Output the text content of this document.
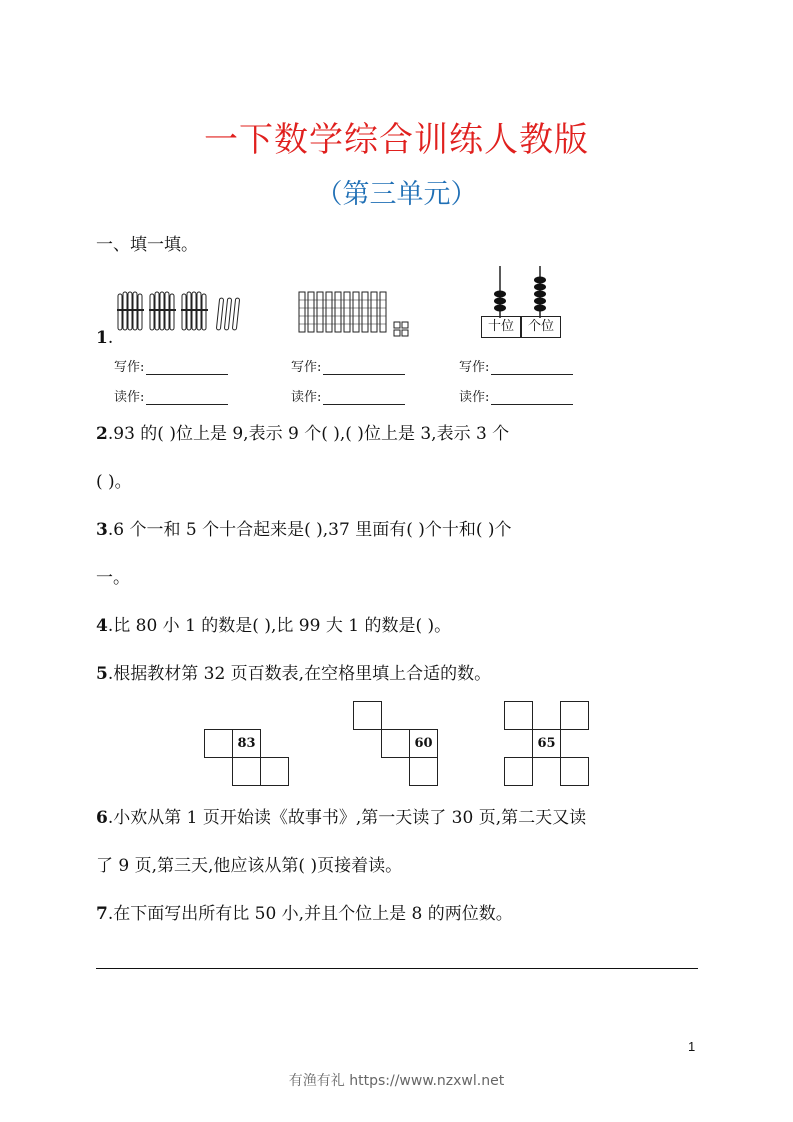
一下数学综合训练人教版
（第三单元）
一、填一填。
十位	个位
1.
写作:	写作:	写作:
读作:	读作:	读作:
2.93 的( )位上是 9,表示 9 个( ),( )位上是 3,表示 3 个
( )。
3.6 个一和 5 个十合起来是( ),37 里面有( )个十和( )个
一。
4.比 80 小 1 的数是( ),比 99 大 1 的数是( )。
5.根据教材第 32 页百数表,在空格里填上合适的数。
83	60	65
6.小欢从第 1 页开始读《故事书》,第一天读了 30 页,第二天又读
了 9 页,第三天,他应该从第( )页接着读。
7.在下面写出所有比 50 小,并且个位上是 8 的两位数。
1
有渔有礼 https://www.nzxwl.net
